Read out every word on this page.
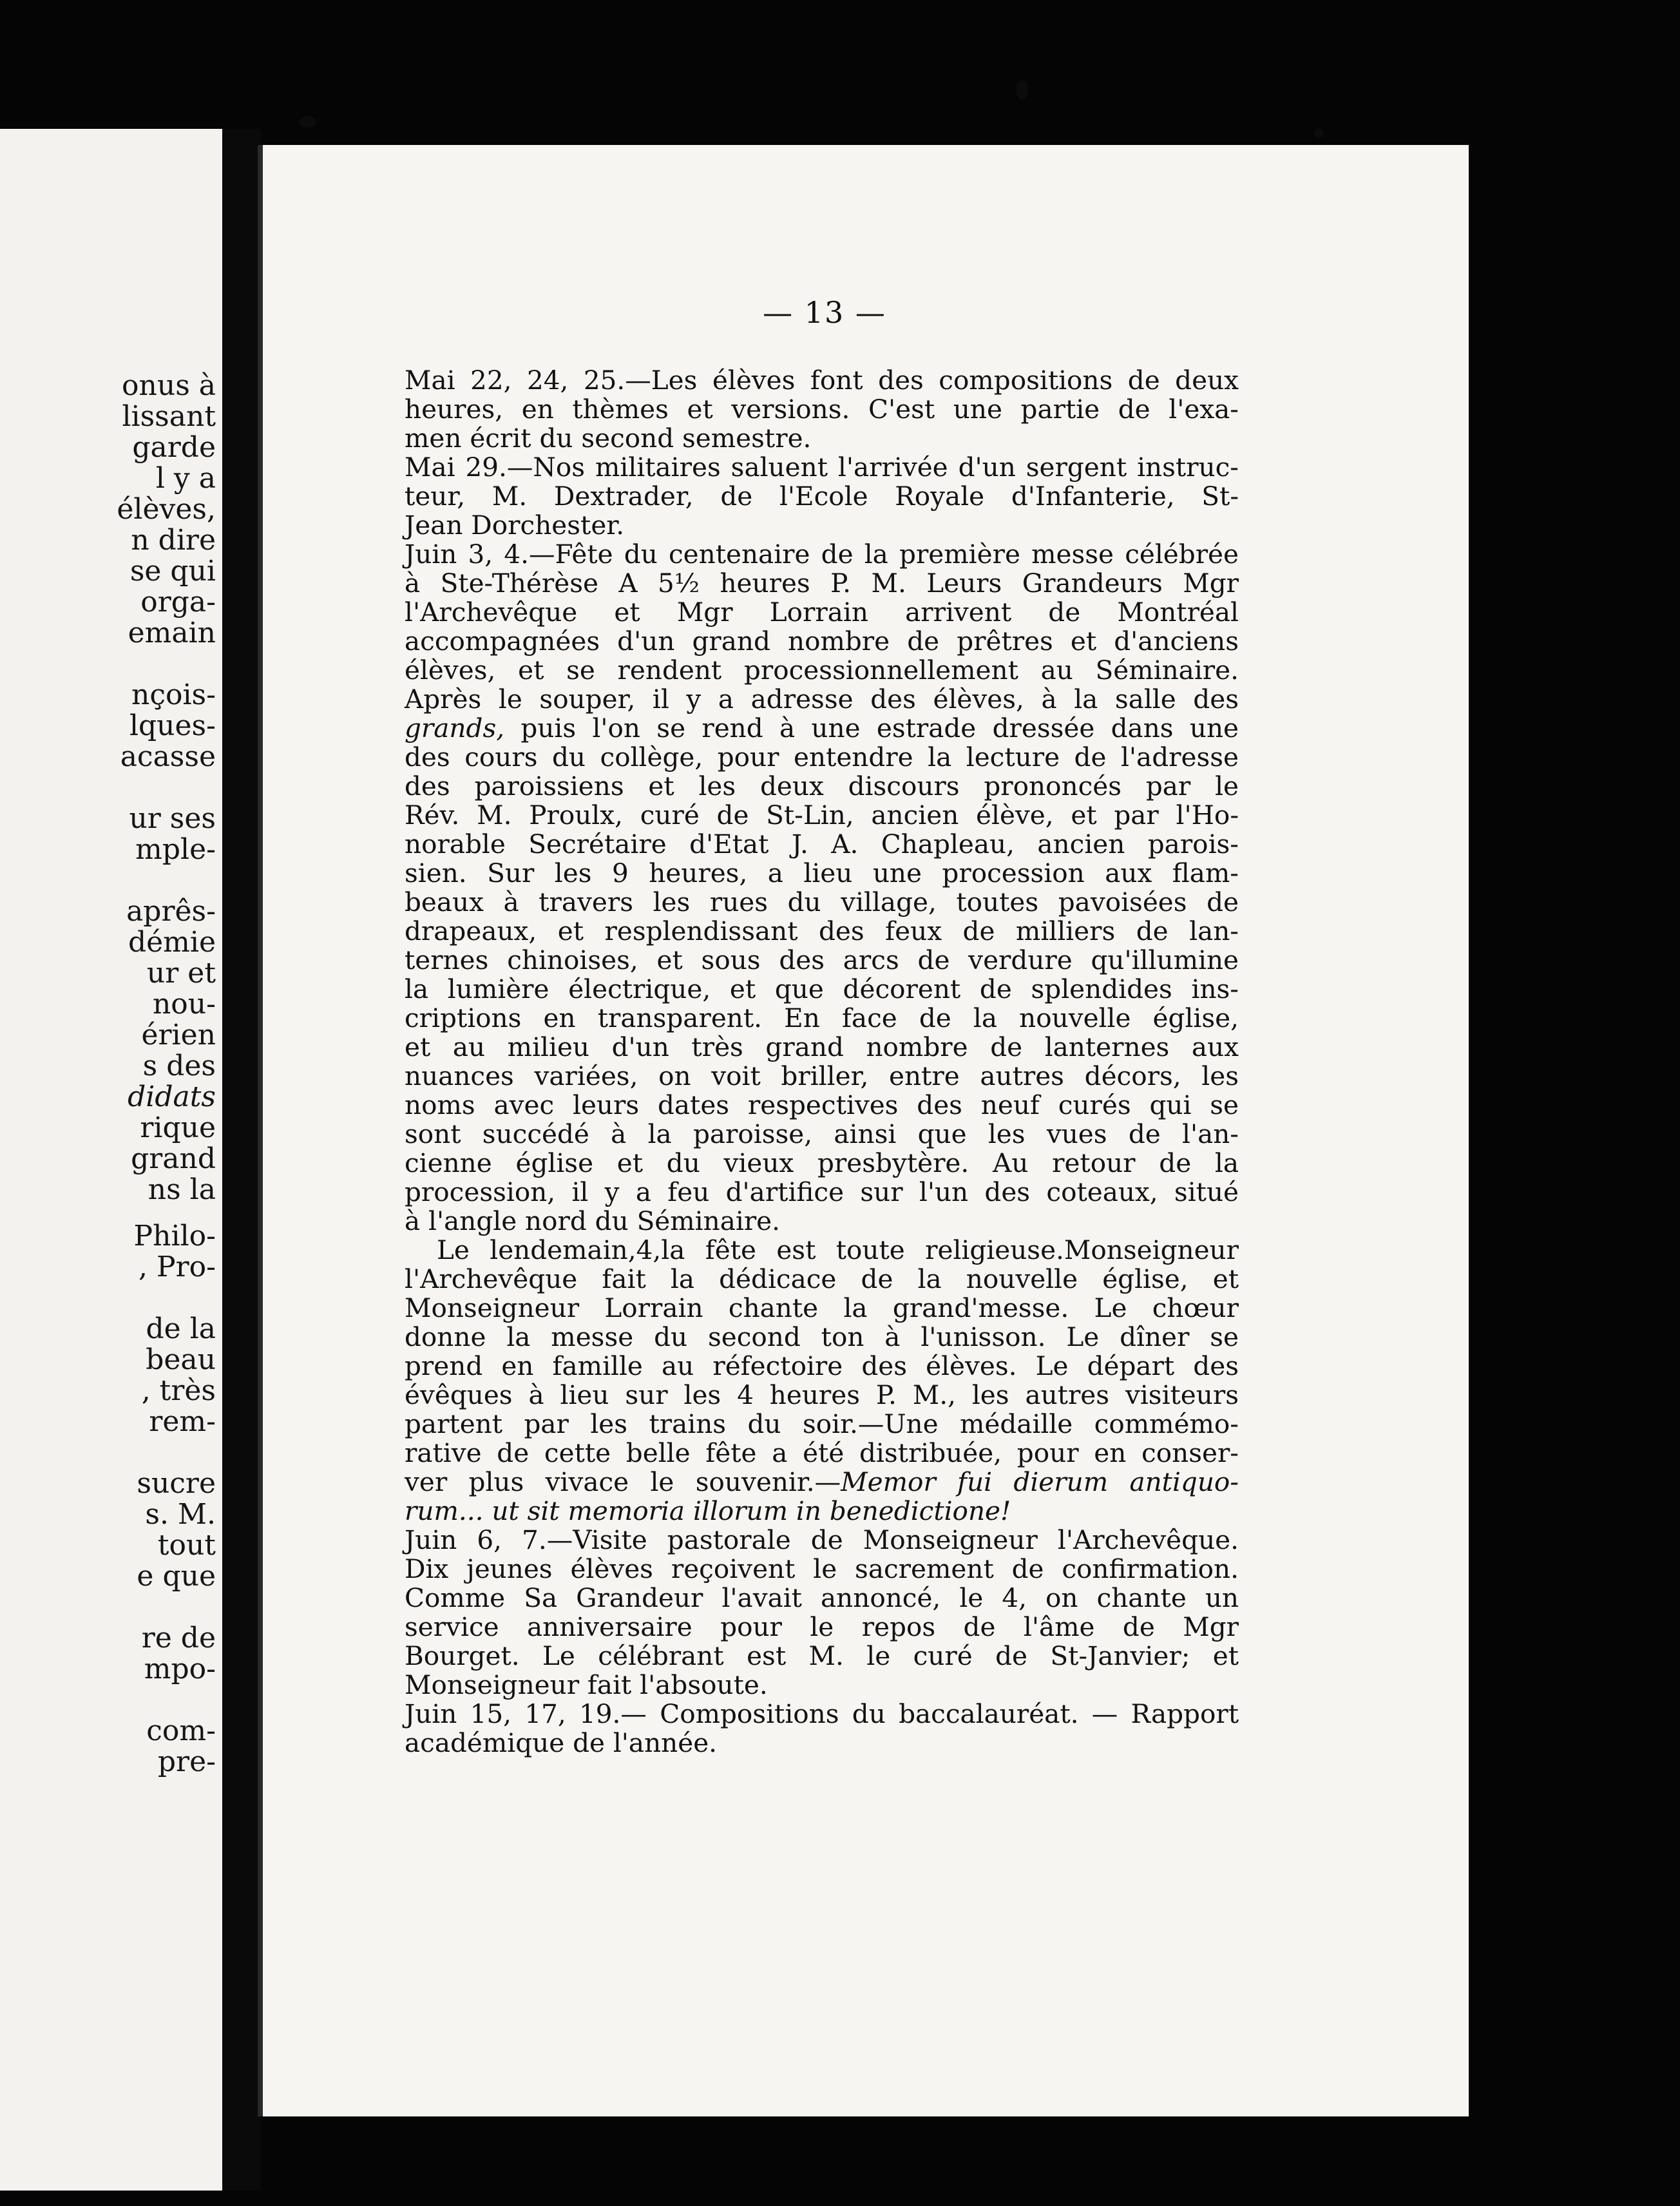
onus à
lissant
garde
l y a
élèves,
n dire
se qui
orga-
emain
nçois-
lques-
acasse
ur ses
mple-
aprês-
démie
ur et
nou-
érien
s des
didats
rique
grand
ns la
Philo-
, Pro-
de la
beau
, très
rem-
sucre
s. M.
tout
e que
re de
mpo-
com-
pre-
— 13 —

Mai 22, 24, 25.—Les élèves font des compositions de deux
heures, en thèmes et versions. C'est une partie de l'exa-
men écrit du second semestre.

Mai 29.—Nos militaires saluent l'arrivée d'un sergent instruc-
teur, M. Dextrader, de l'Ecole Royale d'Infanterie, St-
Jean Dorchester.

Juin 3, 4.—Fête du centenaire de la première messe célébrée
à Ste-Thérèse A 5½ heures P. M. Leurs Grandeurs Mgr
l'Archevêque et Mgr Lorrain arrivent de Montréal
accompagnées d'un grand nombre de prêtres et d'anciens
élèves, et se rendent processionnellement au Séminaire.
Après le souper, il y a adresse des élèves, à la salle des
grands, puis l'on se rend à une estrade dressée dans une
des cours du collège, pour entendre la lecture de l'adresse
des paroissiens et les deux discours prononcés par le
Rév. M. Proulx, curé de St-Lin, ancien élève, et par l'Ho-
norable Secrétaire d'Etat J. A. Chapleau, ancien parois-
sien. Sur les 9 heures, a lieu une procession aux flam-
beaux à travers les rues du village, toutes pavoisées de
drapeaux, et resplendissant des feux de milliers de lan-
ternes chinoises, et sous des arcs de verdure qu'illumine
la lumière électrique, et que décorent de splendides ins-
criptions en transparent. En face de la nouvelle église,
et au milieu d'un très grand nombre de lanternes aux
nuances variées, on voit briller, entre autres décors, les
noms avec leurs dates respectives des neuf curés qui se
sont succédé à la paroisse, ainsi que les vues de l'an-
cienne église et du vieux presbytère. Au retour de la
procession, il y a feu d'artifice sur l'un des coteaux, situé
à l'angle nord du Séminaire.

Le lendemain,4,la fête est toute religieuse.Monseigneur
l'Archevêque fait la dédicace de la nouvelle église, et
Monseigneur Lorrain chante la grand'messe. Le chœur
donne la messe du second ton à l'unisson. Le dîner se
prend en famille au réfectoire des élèves. Le départ des
évêques à lieu sur les 4 heures P. M., les autres visiteurs
partent par les trains du soir.—Une médaille commémo-
rative de cette belle fête a été distribuée, pour en conser-
ver plus vivace le souvenir.—Memor fui dierum antiquo-
rum... ut sit memoria illorum in benedictione!

Juin 6, 7.—Visite pastorale de Monseigneur l'Archevêque.
Dix jeunes élèves reçoivent le sacrement de confirmation.
Comme Sa Grandeur l'avait annoncé, le 4, on chante un
service anniversaire pour le repos de l'âme de Mgr
Bourget. Le célébrant est M. le curé de St-Janvier; et
Monseigneur fait l'absoute.

Juin 15, 17, 19.— Compositions du baccalauréat. — Rapport
académique de l'année.
